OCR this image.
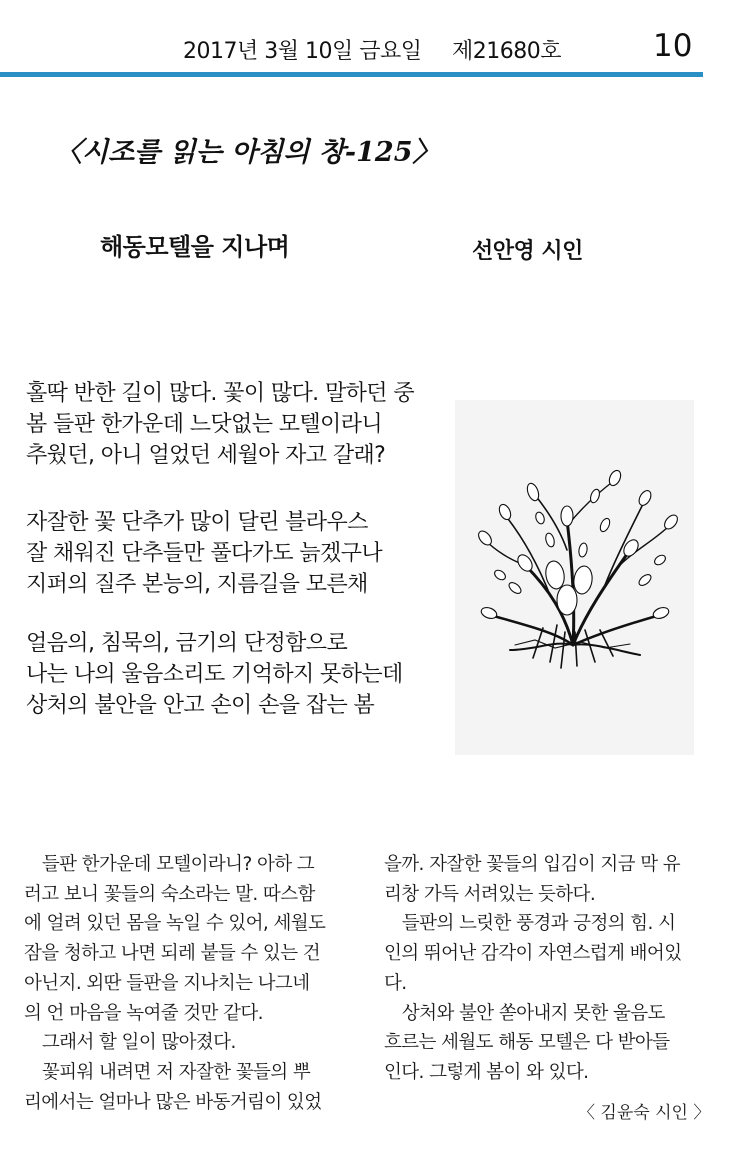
2017년 3월 10일 금요일 제21680호	10
〈시조를 읽는 아침의 창-125〉
해동모텔을 지나며	선안영 시인
홀딱 반한 길이 많다. 꽃이 많다. 말하던 중
봄 들판 한가운데 느닷없는 모텔이라니
추웠던, 아니 얼었던 세월아 자고 갈래?
자잘한 꽃 단추가 많이 달린 블라우스
잘 채워진 단추들만 풀다가도 늙겠구나
지퍼의 질주 본능의, 지름길을 모른채
얼음의, 침묵의, 금기의 단정함으로
나는 나의 울음소리도 기억하지 못하는데
상처의 불안을 안고 손이 손을 잡는 봄
　들판 한가운데 모텔이라니? 아하 그
러고 보니 꽃들의 숙소라는 말. 따스함
에 얼려 있던 몸을 녹일 수 있어, 세월도
잠을 청하고 나면 되레 붙들 수 있는 건
아닌지. 외딴 들판을 지나치는 나그네
의 언 마음을 녹여줄 것만 같다.
　그래서 할 일이 많아졌다.
　꽃피워 내려면 저 자잘한 꽃들의 뿌
리에서는 얼마나 많은 바동거림이 있었
을까. 자잘한 꽃들의 입김이 지금 막 유
리창 가득 서려있는 듯하다.
　들판의 느릿한 풍경과 긍정의 힘. 시
인의 뛰어난 감각이 자연스럽게 배어있
다.
　상처와 불안 쏟아내지 못한 울음도
흐르는 세월도 해동 모텔은 다 받아들
인다. 그렇게 봄이 와 있다.
〈 김윤숙 시인 〉
